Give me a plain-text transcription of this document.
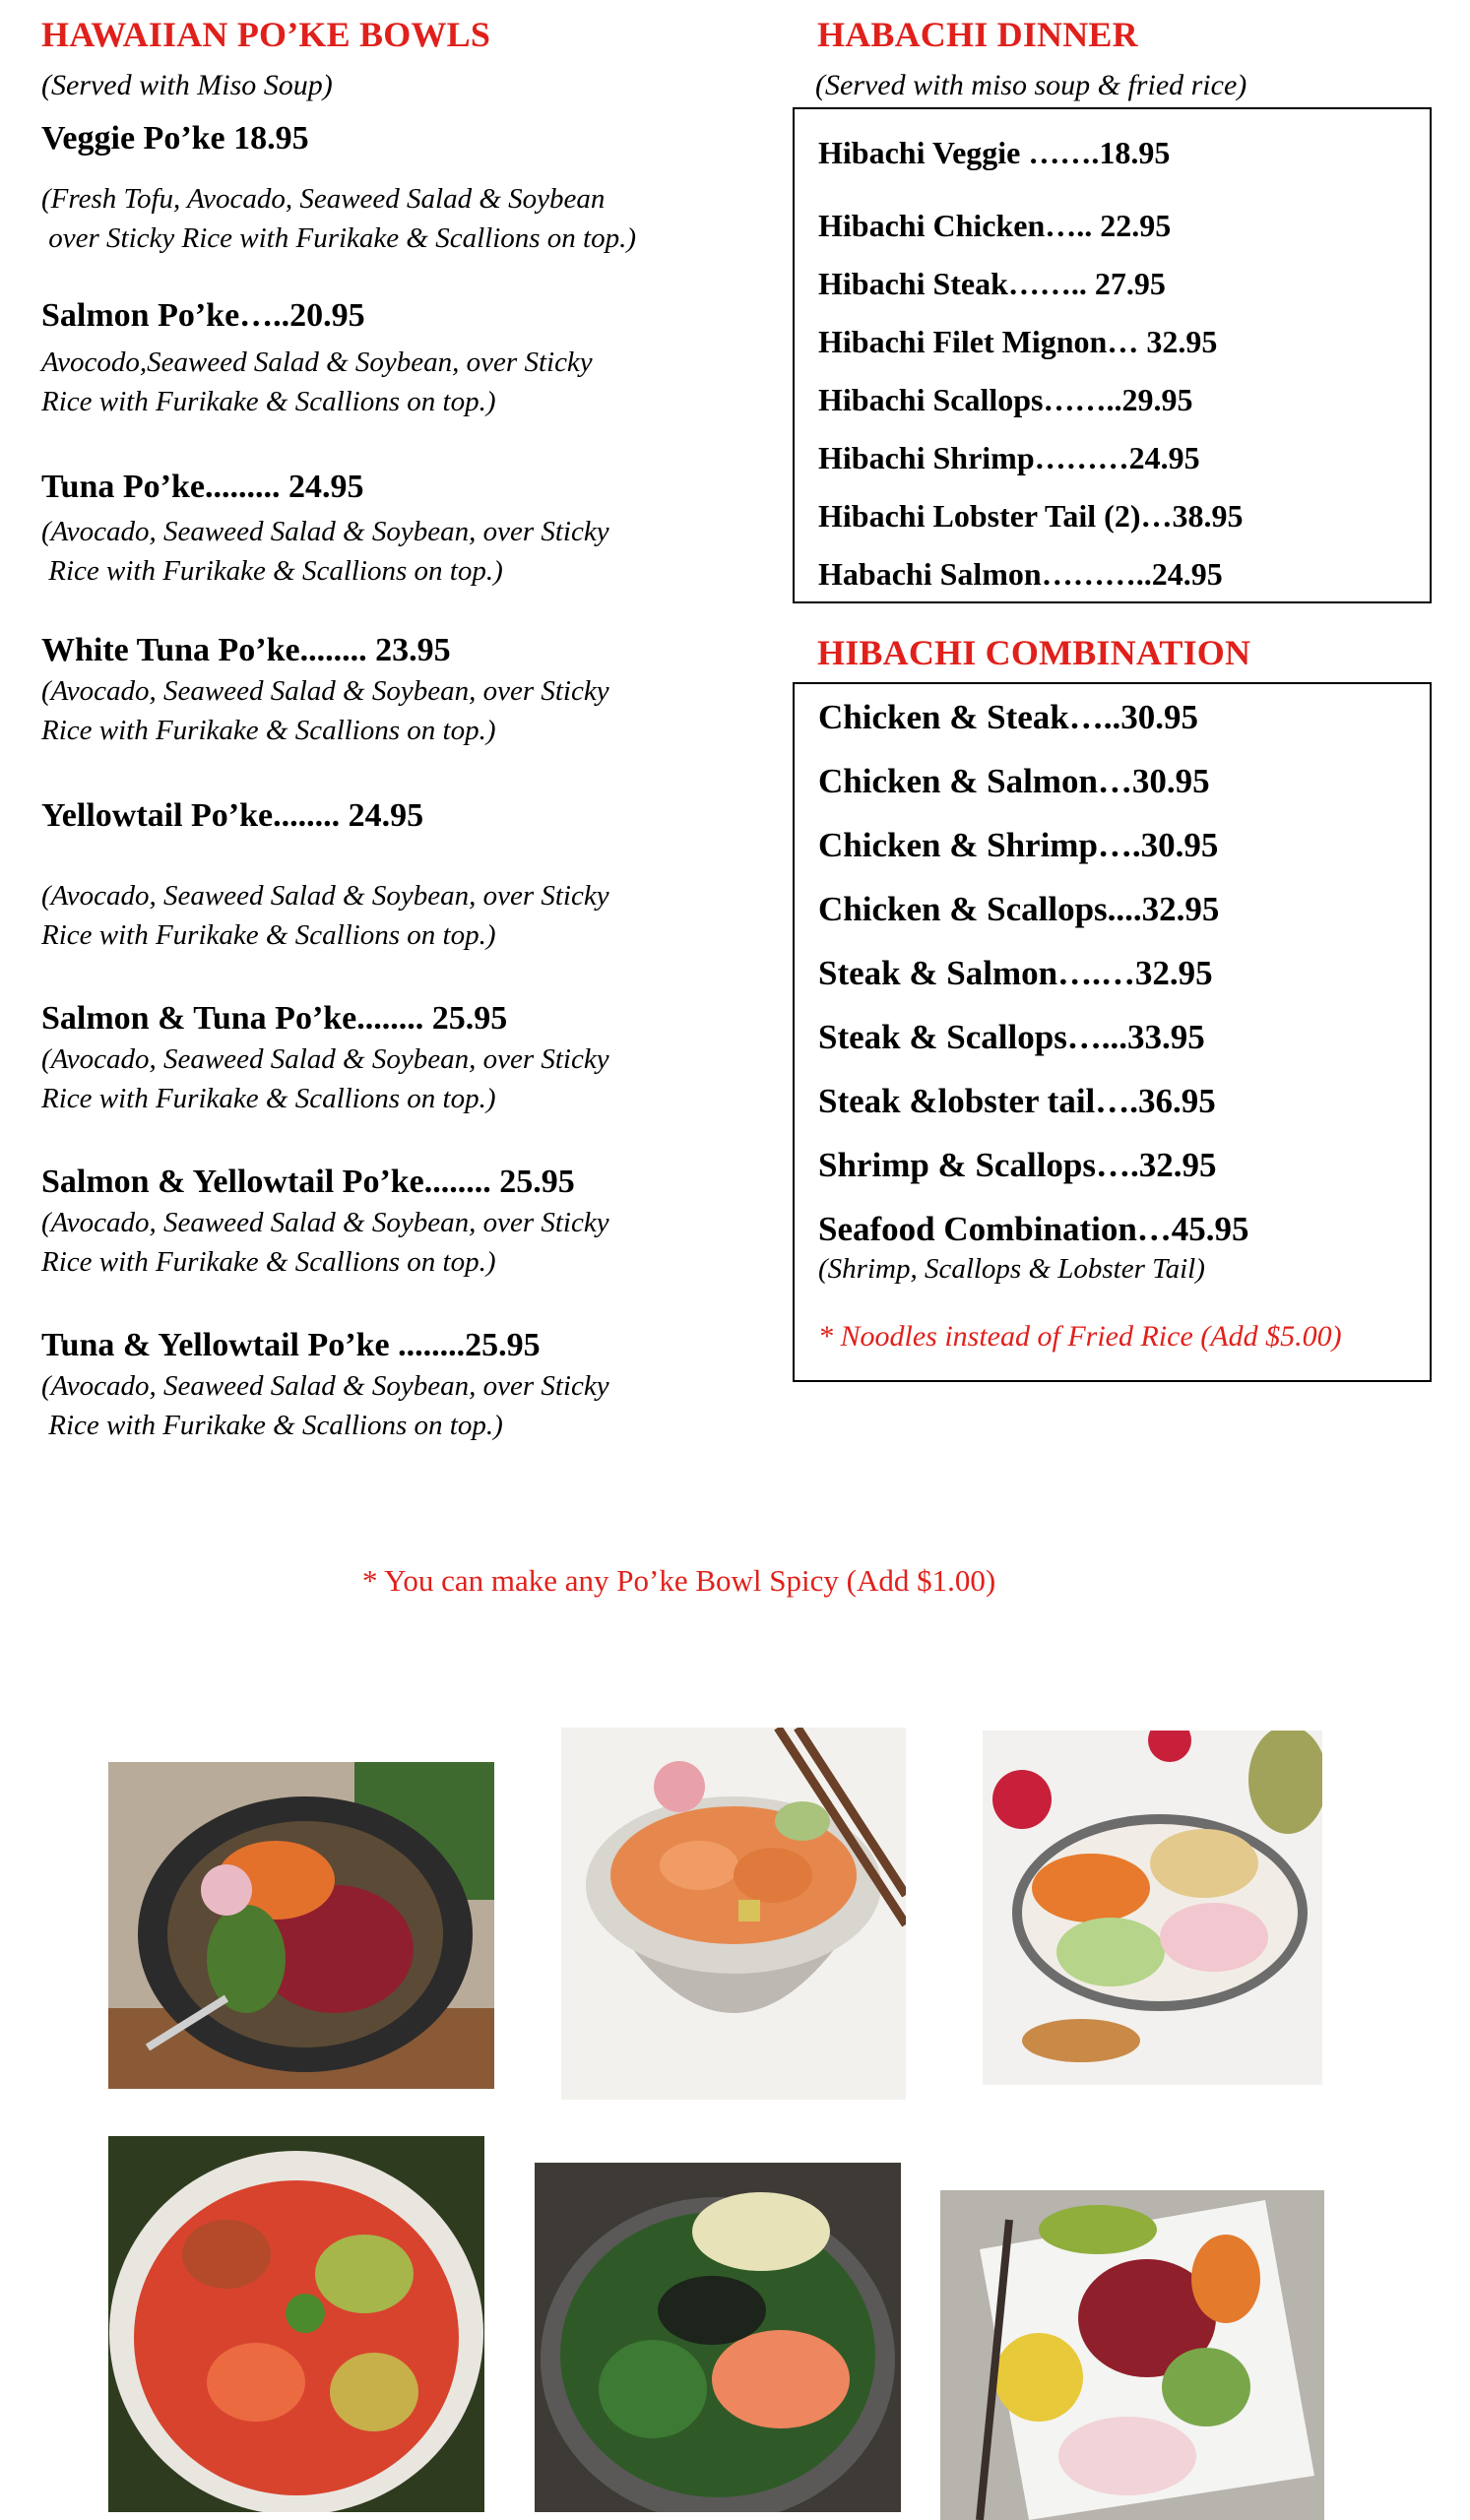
HAWAIIAN PO’KE BOWLS
(Served with Miso Soup)
Veggie Po’ke 18.95
(Fresh Tofu, Avocado, Seaweed Salad & Soybean
over Sticky Rice with Furikake & Scallions on top.)
Salmon Po’ke…..20.95
Avocodo,Seaweed Salad & Soybean, over Sticky
Rice with Furikake & Scallions on top.)
Tuna Po’ke......... 24.95
(Avocado, Seaweed Salad & Soybean, over Sticky
Rice with Furikake & Scallions on top.)
White Tuna Po’ke........ 23.95
(Avocado, Seaweed Salad & Soybean, over Sticky
Rice with Furikake & Scallions on top.)
Yellowtail Po’ke........ 24.95
(Avocado, Seaweed Salad & Soybean, over Sticky
Rice with Furikake & Scallions on top.)
Salmon & Tuna Po’ke........ 25.95
(Avocado, Seaweed Salad & Soybean, over Sticky
Rice with Furikake & Scallions on top.)
Salmon & Yellowtail Po’ke........ 25.95
(Avocado, Seaweed Salad & Soybean, over Sticky
Rice with Furikake & Scallions on top.)
Tuna & Yellowtail Po’ke ........25.95
(Avocado, Seaweed Salad & Soybean, over Sticky
Rice with Furikake & Scallions on top.)
HABACHI DINNER
(Served with miso soup & fried rice)
Hibachi Veggie …….18.95
Hibachi Chicken….. 22.95
Hibachi Steak…….. 27.95
Hibachi Filet Mignon… 32.95
Hibachi Scallops……..29.95
Hibachi Shrimp………24.95
Hibachi Lobster Tail (2)…38.95
Habachi Salmon………..24.95
HIBACHI COMBINATION
Chicken & Steak…..30.95
Chicken & Salmon…30.95
Chicken & Shrimp….30.95
Chicken & Scallops....32.95
Steak & Salmon….…32.95
Steak & Scallops…...33.95
Steak &lobster tail….36.95
Shrimp & Scallops….32.95
Seafood Combination…45.95
(Shrimp, Scallops & Lobster Tail)
* Noodles instead of Fried Rice (Add $5.00)
* You can make any Po’ke Bowl Spicy (Add $1.00)
